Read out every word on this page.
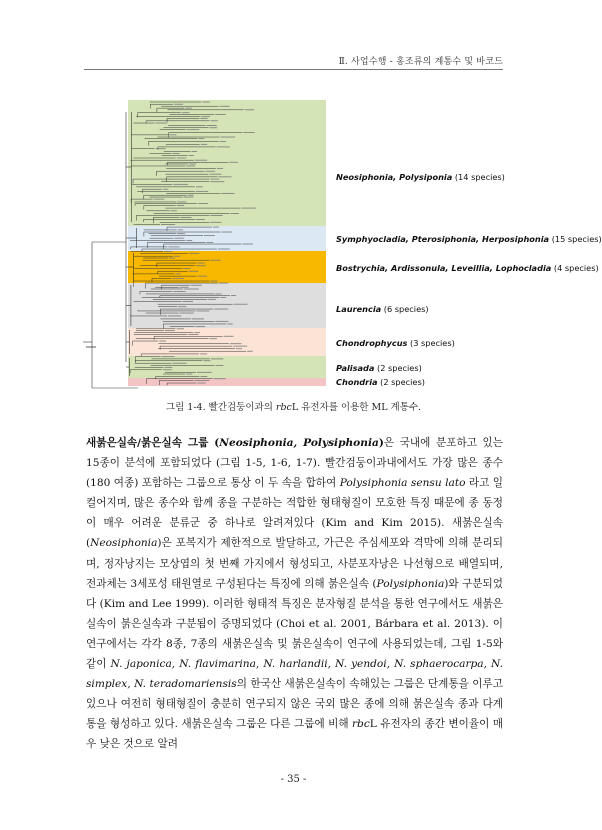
Ⅱ. 사업수행 - 홍조류의 계통수 및 바코드
Neosiphonia, Polysiponia (14 species)
Symphyocladia, Pterosiphonia, Herposiphonia (15 species)
Bostrychia, Ardissonula, Leveillia, Lophocladia (4 species)
Laurencia (6 species)
Chondrophycus (3 species)
Palisada (2 species)
Chondria (2 species)
그림 1-4. 빨간검둥이과의 rbcL 유전자를 이용한 ML 계통수.

새붉은실속/붉은실속 그룹 (Neosiphonia, Polysiphonia)은 국내에 분포하고 있는 15종이 분석에 포함되었다 (그림 1-5, 1-6, 1-7). 빨간검둥이과내에서도 가장 많은 종수 (180 여종) 포함하는 그룹으로 통상 이 두 속을 합하여 Polysiphonia sensu lato 라고 일컬어지며, 많은 종수와 함께 종을 구분하는 적합한 형태형질이 모호한 특징 때문에 종 동정이 매우 어려운 분류군 중 하나로 알려져있다 (Kim and Kim 2015). 새붉은실속 (Neosiphonia)은 포복지가 제한적으로 발달하고, 가근은 주심세포와 격막에 의해 분리되며, 정자낭지는 모상엽의 첫 번째 가지에서 형성되고, 사분포자낭은 나선형으로 배열되며, 전과체는 3세포성 태원열로 구성된다는 특징에 의해 붉은실속 (Polysiphonia)와 구분되었다 (Kim and Lee 1999). 이러한 형태적 특징은 분자형질 분석을 통한 연구에서도 새붉은실속이 붉은실속과 구분됨이 증명되었다 (Choi et al. 2001, Bárbara et al. 2013). 이 연구에서는 각각 8종, 7종의 새붉은실속 및 붉은실속이 연구에 사용되었는데, 그림 1-5와 같이 N. japonica, N. flavimarina, N. harlandii, N. yendoi, N. sphaerocarpa, N. simplex, N. teradomariensis의 한국산 새붉은실속이 속해있는 그룹은 단계통을 이루고 있으나 여전히 형태형질이 충분히 연구되지 않은 국외 많은 종에 의해 붉은실속 종과 다계통을 형성하고 있다. 새붉은실속 그룹은 다른 그룹에 비해 rbcL 유전자의 종간 변이율이 매우 낮은 것으로 알려

- 35 -
